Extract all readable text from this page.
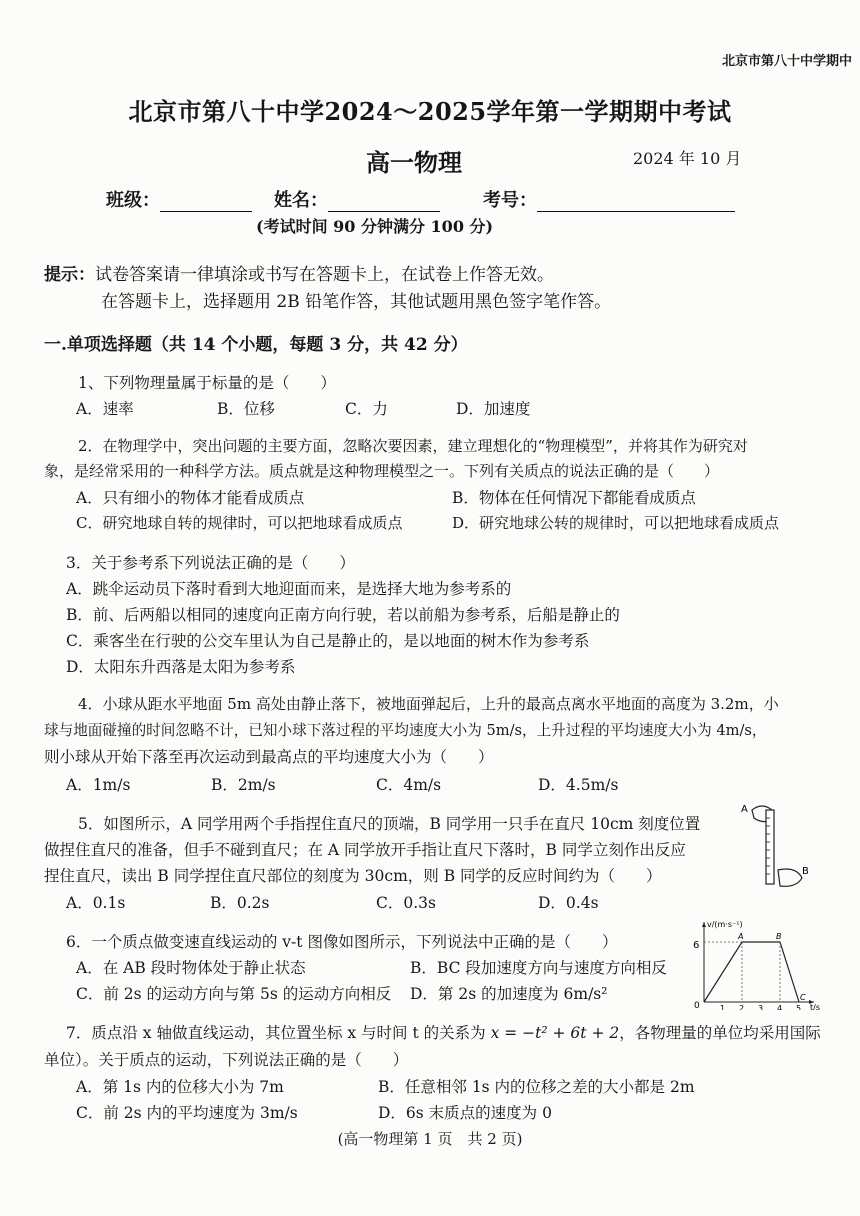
北京市第八十中学期中
北京市第八十中学2024～2025学年第一学期期中考试
高一物理	2024 年 10 月
班级：	姓名：	考号：
(考试时间 90 分钟满分 100 分)
提示：试卷答案请一律填涂或书写在答题卡上，在试卷上作答无效。
在答题卡上，选择题用 2B 铅笔作答，其他试题用黑色签字笔作答。
一.单项选择题（共 14 个小题，每题 3 分，共 42 分）
1、下列物理量属于标量的是（　　）
A．速率	B．位移	C．力	D．加速度
2．在物理学中，突出问题的主要方面，忽略次要因素，建立理想化的“物理模型”，并将其作为研究对
象，是经常采用的一种科学方法。质点就是这种物理模型之一。下列有关质点的说法正确的是（　　）
A．只有细小的物体才能看成质点	B．物体在任何情况下都能看成质点
C．研究地球自转的规律时，可以把地球看成质点	D．研究地球公转的规律时，可以把地球看成质点
3．关于参考系下列说法正确的是（　　）
A．跳伞运动员下落时看到大地迎面而来，是选择大地为参考系的
B．前、后两船以相同的速度向正南方向行驶，若以前船为参考系，后船是静止的
C．乘客坐在行驶的公交车里认为自己是静止的，是以地面的树木作为参考系
D．太阳东升西落是太阳为参考系
4．小球从距水平地面 5m 高处由静止落下，被地面弹起后，上升的最高点离水平地面的高度为 3.2m，小
球与地面碰撞的时间忽略不计，已知小球下落过程的平均速度大小为 5m/s，上升过程的平均速度大小为 4m/s，
则小球从开始下落至再次运动到最高点的平均速度大小为（　　）
A．1m/s	B．2m/s	C．4m/s	D．4.5m/s
5．如图所示，A 同学用两个手指捏住直尺的顶端，B 同学用一只手在直尺 10cm 刻度位置
做捏住直尺的准备，但手不碰到直尺；在 A 同学放开手指让直尺下落时，B 同学立刻作出反应
捏住直尺，读出 B 同学捏住直尺部位的刻度为 30cm，则 B 同学的反应时间约为（　　）
A．0.1s	B．0.2s	C．0.3s	D．0.4s
A
B
6．一个质点做变速直线运动的 v-t 图像如图所示，下列说法中正确的是（　　）
A．在 AB 段时物体处于静止状态	B．BC 段加速度方向与速度方向相反
C．前 2s 的运动方向与第 5s 的运动方向相反 D．第 2s 的加速度为 6m/s²
v/(m·s⁻¹)
t/s
6
0	1 2 3 4 5
A	B
C
7．质点沿 x 轴做直线运动，其位置坐标 x 与时间 t 的关系为 x = −t² + 6t + 2，各物理量的单位均采用国际
单位）。关于质点的运动，下列说法正确的是（　　）
A．第 1s 内的位移大小为 7m	B．任意相邻 1s 内的位移之差的大小都是 2m
C．前 2s 内的平均速度为 3m/s	D．6s 末质点的速度为 0
(高一物理第 1 页　共 2 页)
